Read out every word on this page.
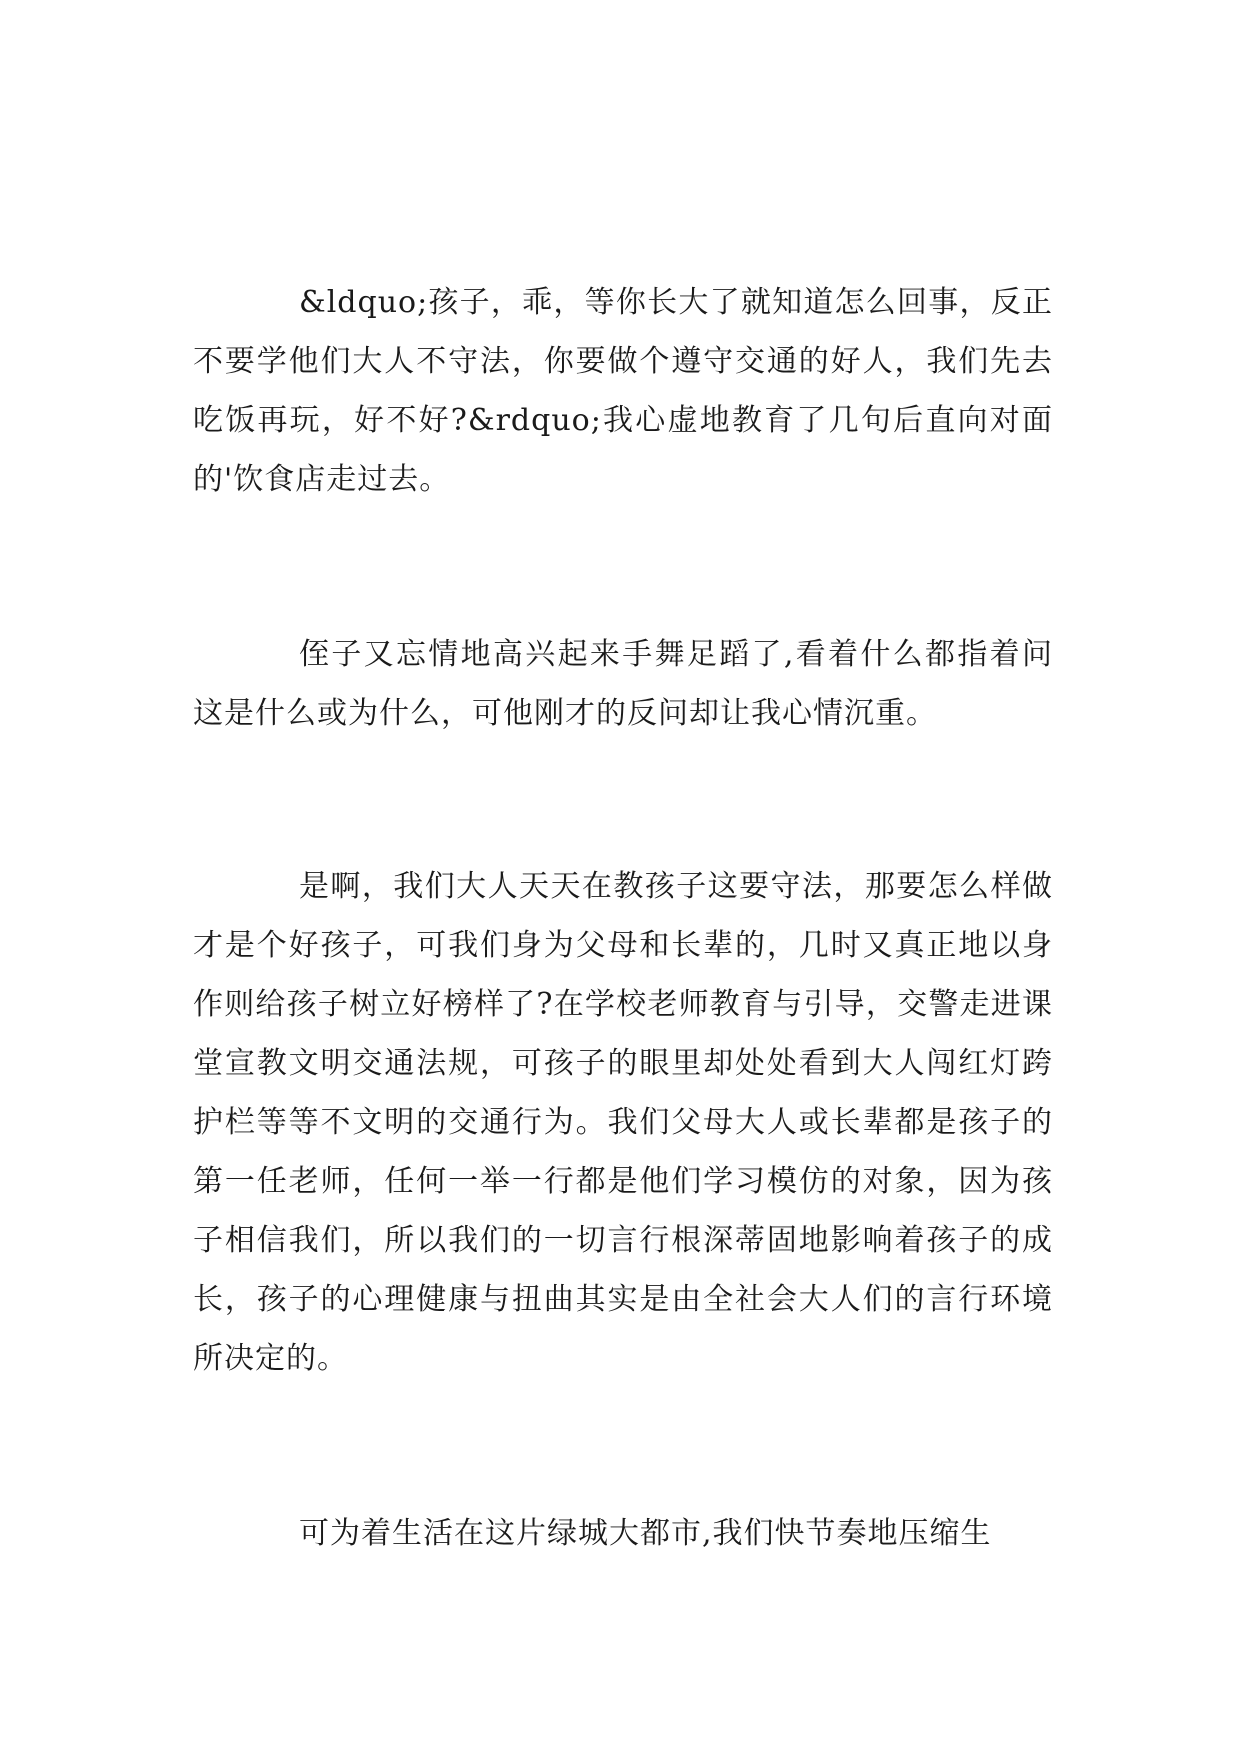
&ldquo;孩子，乖，等你长大了就知道怎么回事，反正不要学他们大人不守法，你要做个遵守交通的好人，我们先去吃饭再玩，好不好?&rdquo;我心虚地教育了几句后直向对面的'饮食店走过去。

侄子又忘情地高兴起来手舞足蹈了,看着什么都指着问这是什么或为什么，可他刚才的反问却让我心情沉重。

是啊，我们大人天天在教孩子这要守法，那要怎么样做才是个好孩子，可我们身为父母和长辈的，几时又真正地以身作则给孩子树立好榜样了?在学校老师教育与引导，交警走进课堂宣教文明交通法规，可孩子的眼里却处处看到大人闯红灯跨护栏等等不文明的交通行为。我们父母大人或长辈都是孩子的第一任老师，任何一举一行都是他们学习模仿的对象，因为孩子相信我们，所以我们的一切言行根深蒂固地影响着孩子的成长，孩子的心理健康与扭曲其实是由全社会大人们的言行环境所决定的。

可为着生活在这片绿城大都市,我们快节奏地压缩生
